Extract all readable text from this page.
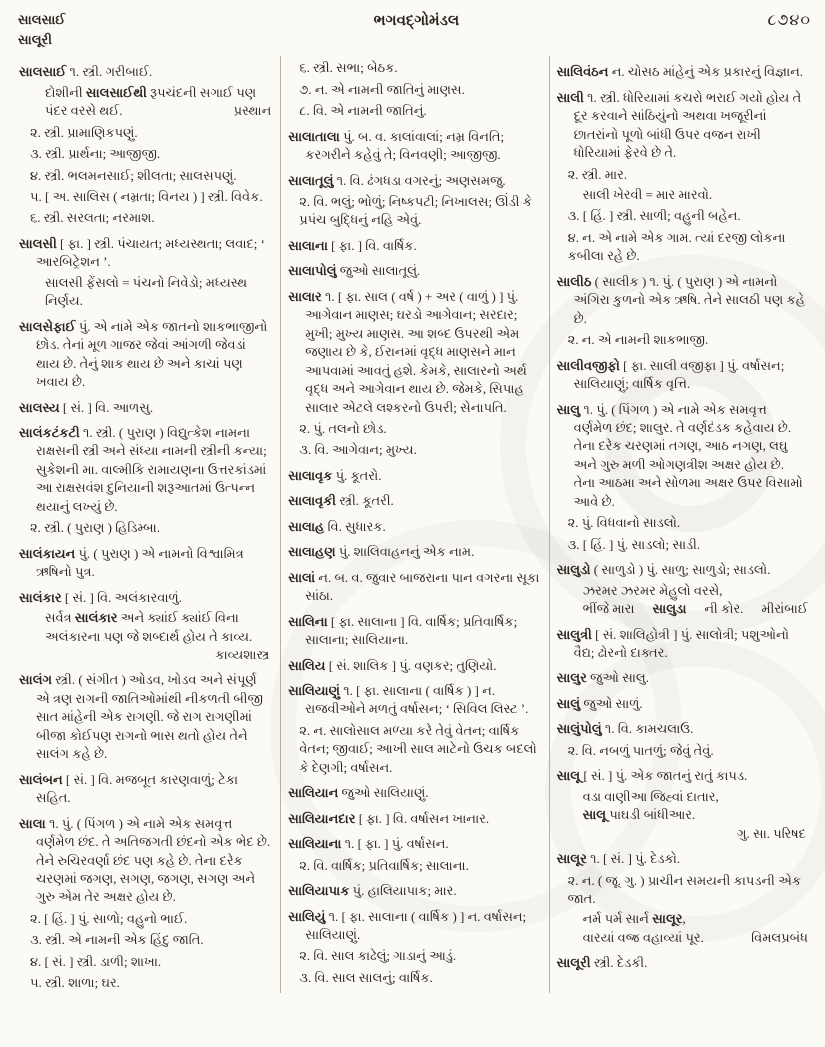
સાલસાઈ
સાલૂરી
ભગવદ્ગોમંડલ	૮૭૪૦
સાલસાઈ ૧. સ્ત્રી. ગરીબાઈ.
દોશીની સાલસાઈથી રૂપચંદની સગાઈ પણ
પંદર વરસે થઈ.	પ્રસ્થાન
૨. સ્ત્રી. પ્રામાણિકપણું.
૩. સ્ત્રી. પ્રાર્થના; આજીજી.
૪. સ્ત્રી. ભલમનસાઈ; શીલતા; સાલસપણું.
૫. [ અ. સાલિસ ( નમ્રતા; વિનય ) ] સ્ત્રી. વિવેક.
૬. સ્ત્રી. સરલતા; નરમાશ.
સાલસી [ ફા. ] સ્ત્રી. પંચાયત; મધ્યસ્થતા; લવાદ; ‘ આરબિટ્રેશન ’.
સાલસી ફેંસલો = પંચનો નિવેડો; મધ્યસ્થ
નિર્ણય.
સાલસેફાઈ પું. એ નામે એક જાતનો શાકભાજીનો છોડ. તેનાં મૂળ ગાજર જેવાં આંગળી જેવડાં થાય છે. તેનું શાક થાય છે અને કાચાં પણ ખવાય છે.
સાલસ્ય [ સં. ] વિ. આળસુ.
સાલંકટંકટી ૧. સ્ત્રી. ( પુરાણ ) વિદ્યુત્કેશ નામના રાક્ષસની સ્ત્રી અને સંધ્યા નામની સ્ત્રીની કન્યા; સુકેશની મા. વાલ્મીકિ રામાયણના ઉત્તરકાંડમાં આ રાક્ષસવંશ દુનિયાની શરૂઆતમાં ઉત્પન્ન થયાનું લખ્યું છે.
૨. સ્ત્રી. ( પુરાણ ) હિડિમ્બા.
સાલંકાયન પું. ( પુરાણ ) એ નામનો વિશ્વામિત્ર ઋષિનો પુત્ર.
સાલંકાર [ સં. ] વિ. અલંકારવાળું.
સર્વત્ર સાલંકાર અને ક્યાંઈ ક્યાંઈ વિના
અલંકારના પણ જે શબ્દાર્થ હોય તે કાવ્ય.
કાવ્યશાસ્ત્ર
સાલંગ સ્ત્રી. ( સંગીત ) ઓડવ, ખોડવ અને સંપૂર્ણ એ ત્રણ રાગની જાતિઓમાંથી નીકળતી બીજી સાત માંહેની એક રાગણી. જે રાગ રાગણીમાં બીજા કોઈપણ રાગનો ભાસ થતો હોય તેને સાલંગ કહે છે.
સાલંબન [ સં. ] વિ. મજબૂત કારણવાળું; ટેકા સહિત.
સાલા ૧. પું. ( પિંગળ ) એ નામે એક સમવૃત્ત વર્ણમેળ છંદ. તે અતિજગતી છંદનો એક ભેદ છે. તેને રુચિરવર્ણા છંદ પણ કહે છે. તેના દરેક ચરણમાં જગણ, સગણ, જગણ, સગણ અને ગુરુ એમ તેર અક્ષર હોય છે.
૨. [ હિં. ] પું. સાળો; વહુનો ભાઈ.
૩. સ્ત્રી. એ નામની એક હિંદુ જાતિ.
૪. [ સં. ] સ્ત્રી. ડાળી; શાખા.
૫. સ્ત્રી. શાળા; ઘર.
૬. સ્ત્રી. સભા; બેઠક.
૭. ન. એ નામની જાતિનું માણસ.
૮. વિ. એ નામની જાતિનું.
સાલાતાલા પું. બ. વ. કાલાંવાલાં; નમ્ર વિનતિ; કરગરીને કહેવું તે; વિનવણી; આજીજી.
સાલાતૂલું ૧. વિ. ઢંગધડા વગરનું; અણસમજુ.
૨. વિ. ભલું; ભોળું; નિષ્કપટી; નિખાલસ; ઊંડી કે પ્રપંચ બુદ્ધિનું નહિ એવું.
સાલાના [ ફા. ] વિ. વાર્ષિક.
સાલાપોલું જુઓ સાલાતૂલું.
સાલાર ૧. [ ફા. સાલ ( વર્ષ ) + અર ( વાળું ) ] પું. આગેવાન માણસ; ઘરડો આગેવાન; સરદાર; મુખી; મુખ્ય માણસ. આ શબ્દ ઉપરથી એમ જણાય છે કે, ઈરાનમાં વૃદ્ધ માણસને માન આપવામાં આવતું હશે. કેમકે, સાલારનો અર્થ વૃદ્ધ અને આગેવાન થાય છે. જેમકે, સિપાહ સાલાર એટલે લશ્કરનો ઉપરી; સેનાપતિ.
૨. પું. તલનો છોડ.
૩. વિ. આગેવાન; મુખ્ય.
સાલાવૃક પું. કૂતરો.
સાલાવૃકી સ્ત્રી. કૂતરી.
સાલાહ વિ. સુધારક.
સાલાહણ પું. શાલિવાહનનું એક નામ.
સાલાં ન. બ. વ. જુવાર બાજરાના પાન વગરના સૂકા સાંઠા.
સાલિના [ ફા. સાલાના ] વિ. વાર્ષિક; પ્રતિવાર્ષિક; સાલાના; સાલિયાના.
સાલિય [ સં. શાલિક ] પું. વણકર; તુણિયો.
સાલિયાણું ૧. [ ફા. સાલાના ( વાર્ષિક ) ] ન. રાજવીઓને મળતું વર્ષાસન; ‘ સિવિલ લિસ્ટ ’.
૨. ન. સાલોસાલ મળ્યા કરે તેવું વેતન; વાર્ષિક વેતન; જીવાઈ; આખી સાલ માટેનો ઉચક બદલો કે દેણગી; વર્ષાસન.
સાલિયાન જુઓ સાલિયાણું.
સાલિયાનદાર [ ફા. ] વિ. વર્ષાસન ખાનાર.
સાલિયાના ૧. [ ફા. ] પું. વર્ષાસન.
૨. વિ. વાર્ષિક; પ્રતિવાર્ષિક; સાલાના.
સાલિયાપાક પું. હાલિયાપાક; માર.
સાલિયું ૧. [ ફા. સાલાના ( વાર્ષિક ) ] ન. વર્ષાસન; સાલિયાણું.
૨. વિ. સાલ કાઢેલું; ગાડાનું આડું.
૩. વિ. સાલ સાલનું; વાર્ષિક.
સાલિવંઠન ન. ચોસઠ માંહેનું એક પ્રકારનું વિજ્ઞાન.
સાલી ૧. સ્ત્રી. ધોરિયામાં કચરો ભરાઈ ગયો હોય તે દૂર કરવાને સાંઠિયુંનો અથવા ખજૂરીનાં છાતરાંનો પૂળો બાંધી ઉપર વજન રાખી ધોરિયામાં ફેરવે છે તે.
૨. સ્ત્રી. માર.
સાલી ખેરવી = માર મારવો.
૩. [ હિં. ] સ્ત્રી. સાળી; વહુની બહેન.
૪. ન. એ નામે એક ગામ. ત્યાં દરજી લોકના કબીલા રહે છે.
સાલીઠ ( સાલીક ) ૧. પું. ( પુરાણ ) એ નામનો અંગિરા કુળનો એક ઋષિ. તેને સાલઠી પણ કહે છે.
૨. ન. એ નામની શાકભાજી.
સાલીવજીફો [ ફા. સાલી વજીફા ] પું. વર્ષાસન; સાલિયાણું; વાર્ષિક વૃત્તિ.
સાલુ ૧. પું. ( પિંગળ ) એ નામે એક સમવૃત્ત વર્ણમેળ છંદ; શાલુર. તે વર્ણદંડક કહેવાય છે. તેના દરેક ચરણમાં તગણ, આઠ નગણ, લઘુ અને ગુરુ મળી ઓગણત્રીશ અક્ષર હોય છે. તેના આઠમા અને સોળમા અક્ષર ઉપર વિસામો આવે છે.
૨. પું. વિધવાનો સાડલો.
૩. [ હિં. ] પું. સાડલો; સાડી.
સાલુડો ( સાળુડો ) પું. સાળુ; સાળુડો; સાડલો.
ઝરમર ઝરમર મેહુલો વરસે,
ભીંજે મારા સાલુડા ની કોર. મીરાંબાઈ
સાલુત્રી [ સં. શાલિહોત્રી ] પું. સાલોત્રી; પશુઓનો વૈદ્ય; ઢોરનો દાક્તર.
સાલુર જુઓ સાલુ.
સાલું જુઓ સાળું.
સાલુંપોલું ૧. વિ. કામચલાઉ.
૨. વિ. નબળું પાતળું; જેવું તેવું.
સાલૂ [ સં. ] પું. એક જાતનું રાતું કાપડ.
વડા વાણીઆ જિહ્વાં દાતાર,
સાલૂ પાઘડી બાંધીઆર.
ગુ. સા. પરિષદ
સાલૂર ૧. [ સં. ] પું. દેડકો.
૨. ન. ( જૂ. ગુ. ) પ્રાચીન સમયની કાપડની એક જાત.
નર્મ પર્મ સાર્ન સાલૂર,
વારયાં વજ્ર વહાવ્યાં પૂર.	વિમલપ્રબંધ
સાલૂરી સ્ત્રી. દેડકી.
